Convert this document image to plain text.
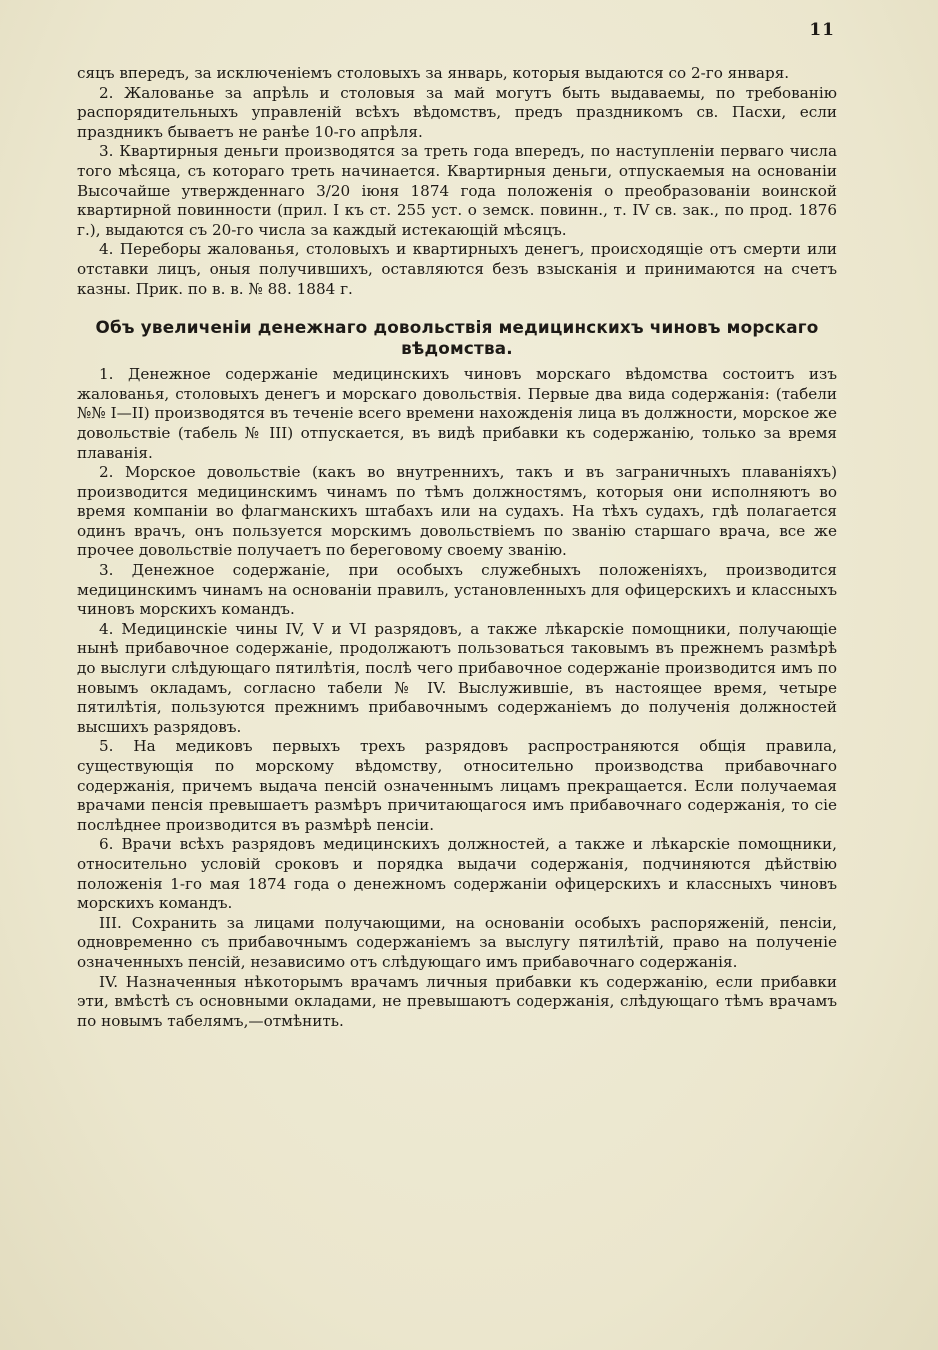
11

сяцъ впередъ, за исключенiемъ столовыхъ за январь, которыя выдаются со 2-го января.

2. Жалованье за апрѣль и столовыя за май могутъ быть выдаваемы, по требованiю распорядительныхъ управленiй всѣхъ вѣдомствъ, предъ праздникомъ св. Пасхи, если праздникъ бываетъ не ранѣе 10-го апрѣля.

3. Квартирныя деньги производятся за треть года впередъ, по наступленiи перваго числа того мѣсяца, съ котораго треть начинается. Квартирныя деньги, отпускаемыя на основанiи Высочайше утвержденнаго 3/20 iюня 1874 года положенiя о преобразованiи воинской квартирной повинности (прил. I къ ст. 255 уст. о земск. повинн., т. IV св. зак., по прод. 1876 г.), выдаются съ 20-го числа за каждый истекающiй мѣсяцъ.

4. Переборы жалованья, столовыхъ и квартирныхъ денегъ, происходящiе отъ смерти или отставки лицъ, оныя получившихъ, оставляются безъ взысканiя и принимаются на счетъ казны. Прик. по в. в. № 88. 1884 г.

Объ увеличенiи денежнаго довольствiя медицинскихъ чиновъ морскаго вѣдомства.

1. Денежное содержанiе медицинскихъ чиновъ морскаго вѣдомства состоитъ изъ жалованья, столовыхъ денегъ и морскаго довольствiя. Первые два вида содержанiя: (табели №№ I—II) производятся въ теченiе всего времени нахожденiя лица въ должности, морское же довольствiе (табель № III) отпускается, въ видѣ прибавки къ содержанiю, только за время плаванiя.

2. Морское довольствiе (какъ во внутреннихъ, такъ и въ заграничныхъ плаванiяхъ) производится медицинскимъ чинамъ по тѣмъ должностямъ, которыя они исполняютъ во время компанiи во флагманскихъ штабахъ или на судахъ. На тѣхъ судахъ, гдѣ полагается одинъ врачъ, онъ пользуется морскимъ довольствiемъ по званiю старшаго врача, все же прочее довольствiе получаетъ по береговому своему званiю.

3. Денежное содержанiе, при особыхъ служебныхъ положенiяхъ, производится медицинскимъ чинамъ на основанiи правилъ, установленныхъ для офицерскихъ и классныхъ чиновъ морскихъ командъ.

4. Медицинскiе чины IV, V и VI разрядовъ, а также лѣкарскiе помощники, получающiе нынѣ прибавочное содержанiе, продолжаютъ пользоваться таковымъ въ прежнемъ размѣрѣ до выслуги слѣдующаго пятилѣтiя, послѣ чего прибавочное содержанiе производится имъ по новымъ окладамъ, согласно табели № IV. Выслужившiе, въ настоящее время, четыре пятилѣтiя, пользуются прежнимъ прибавочнымъ содержанiемъ до полученiя должностей высшихъ разрядовъ.

5. На медиковъ первыхъ трехъ разрядовъ распространяются общiя правила, существующiя по морскому вѣдомству, относительно производства прибавочнаго содержанiя, причемъ выдача пенсiй означеннымъ лицамъ прекращается. Если получаемая врачами пенсiя превышаетъ размѣръ причитающагося имъ прибавочнаго содержанiя, то сiе послѣднее производится въ размѣрѣ пенсiи.

6. Врачи всѣхъ разрядовъ медицинскихъ должностей, а также и лѣкарскiе помощники, относительно условiй сроковъ и порядка выдачи содержанiя, подчиняются дѣйствiю положенiя 1-го мая 1874 года о денежномъ содержанiи офицерскихъ и классныхъ чиновъ морскихъ командъ.

III. Сохранить за лицами получающими, на основанiи особыхъ распоряженiй, пенсiи, одновременно съ прибавочнымъ содержанiемъ за выслугу пятилѣтiй, право на полученiе означенныхъ пенсiй, независимо отъ слѣдующаго имъ прибавочнаго содержанiя.

IV. Назначенныя нѣкоторымъ врачамъ личныя прибавки къ содержанiю, если прибавки эти, вмѣстѣ съ основными окладами, не превышаютъ содержанiя, слѣдующаго тѣмъ врачамъ по новымъ табелямъ,—отмѣнить.
